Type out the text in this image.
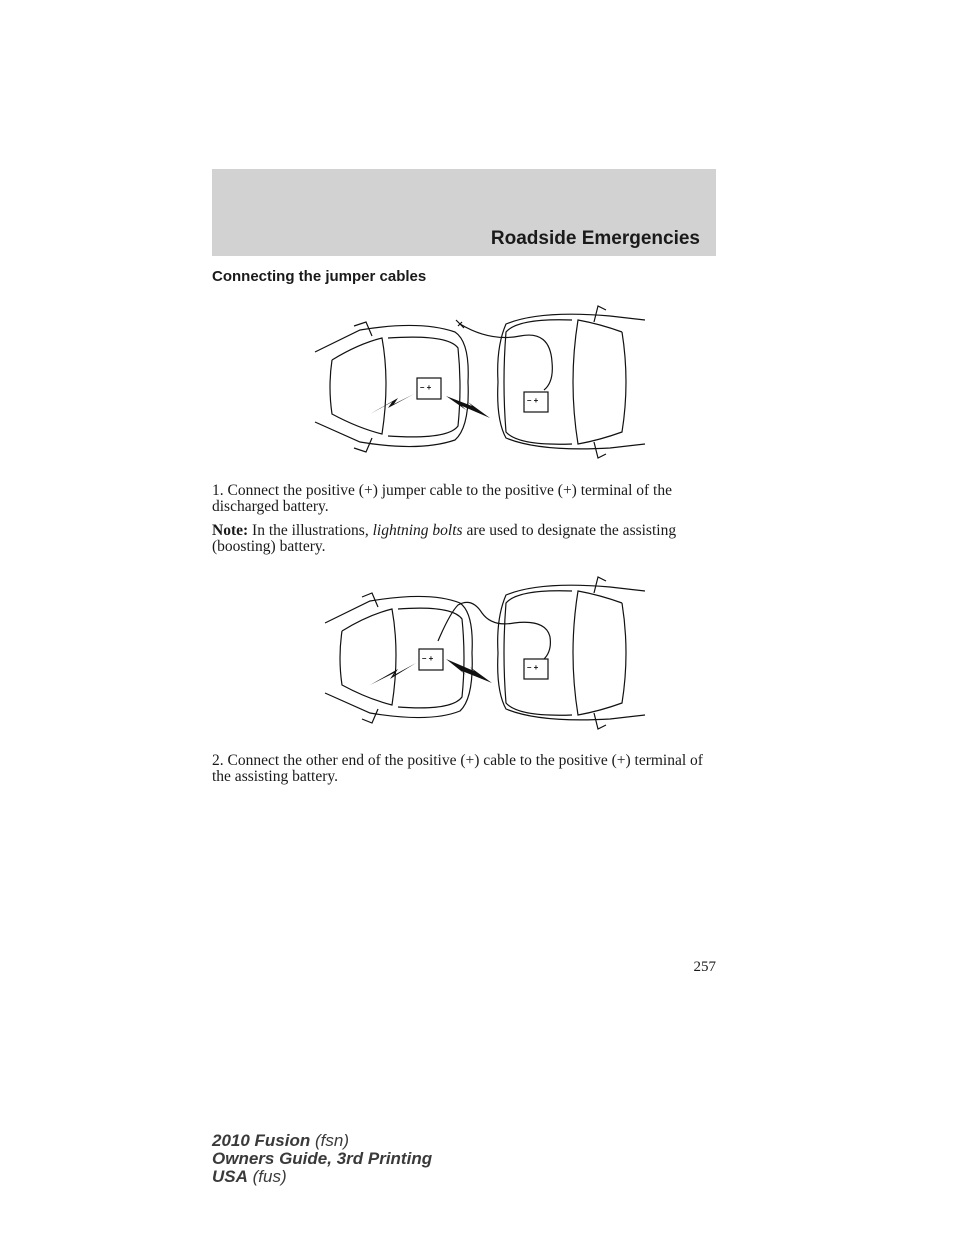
Roadside Emergencies
Connecting the jumper cables
– +
– +
1. Connect the positive (+) jumper cable to the positive (+) terminal of the discharged battery.
Note: In the illustrations, lightning bolts are used to designate the assisting (boosting) battery.
– +
– +
2. Connect the other end of the positive (+) cable to the positive (+) terminal of the assisting battery.
257
2010 Fusion (fsn)
Owners Guide, 3rd Printing
USA (fus)
